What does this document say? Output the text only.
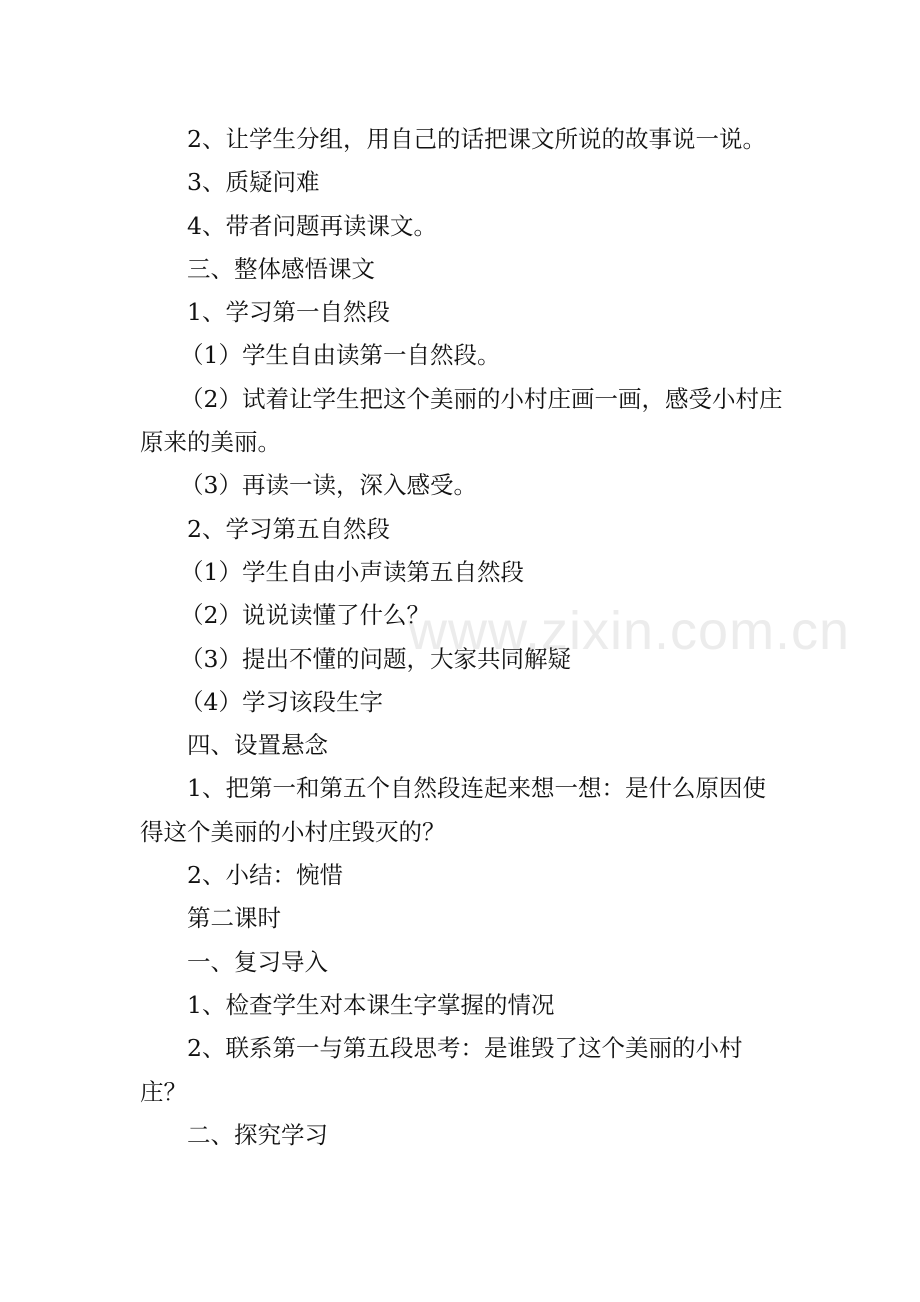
www.zixin.com.cn

2、让学生分组，用自己的话把课文所说的故事说一说。

3、质疑问难

4、带者问题再读课文。

三、整体感悟课文

1、学习第一自然段

（1）学生自由读第一自然段。

（2）试着让学生把这个美丽的小村庄画一画，感受小村庄原来的美丽。

（3）再读一读，深入感受。

2、学习第五自然段

（1）学生自由小声读第五自然段

（2）说说读懂了什么？

（3）提出不懂的问题，大家共同解疑

（4）学习该段生字

四、设置悬念

1、把第一和第五个自然段连起来想一想：是什么原因使得这个美丽的小村庄毁灭的？

2、小结：惋惜

第二课时

一、复习导入

1、检查学生对本课生字掌握的情况

2、联系第一与第五段思考：是谁毁了这个美丽的小村庄？

二、探究学习
